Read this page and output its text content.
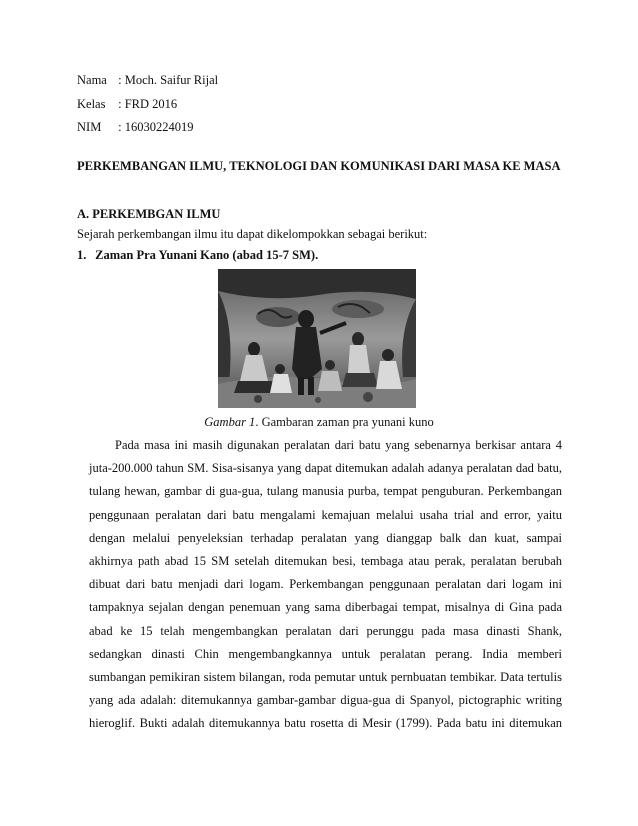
Nama : Moch. Saifur Rijal
Kelas : FRD 2016
NIM : 16030224019
PERKEMBANGAN ILMU, TEKNOLOGI DAN KOMUNIKASI DARI MASA KE MASA
A. PERKEMBGAN ILMU
Sejarah perkembangan ilmu itu dapat dikelompokkan sebagai berikut:
1. Zaman Pra Yunani Kano (abad 15-7 SM).
Gambar 1. Gambaran zaman pra yunani kuno
Pada masa ini masih digunakan peralatan dari batu yang sebenarnya berkisar antara 4
juta-200.000 tahun SM. Sisa-sisanya yang dapat ditemukan adalah adanya peralatan dad batu,
tulang hewan, gambar di gua-gua, tulang manusia purba, tempat penguburan. Perkembangan
penggunaan peralatan dari batu mengalami kemajuan melalui usaha trial and error, yaitu
dengan melalui penyeleksian terhadap peralatan yang dianggap balk dan kuat, sampai
akhirnya path abad 15 SM setelah ditemukan besi, tembaga atau perak, peralatan berubah
dibuat dari batu menjadi dari logam. Perkembangan penggunaan peralatan dari logam ini
tampaknya sejalan dengan penemuan yang sama diberbagai tempat, misalnya di Gina pada
abad ke 15 telah mengembangkan peralatan dari perunggu pada masa dinasti Shank,
sedangkan dinasti Chin mengembangkannya untuk peralatan perang. India memberi
sumbangan pemikiran sistem bilangan, roda pemutar untuk pernbuatan tembikar. Data tertulis
yang ada adalah: ditemukannya gambar-gambar digua-gua di Spanyol, pictographic writing
hieroglif. Bukti adalah ditemukannya batu rosetta di Mesir (1799). Pada batu ini ditemukan
